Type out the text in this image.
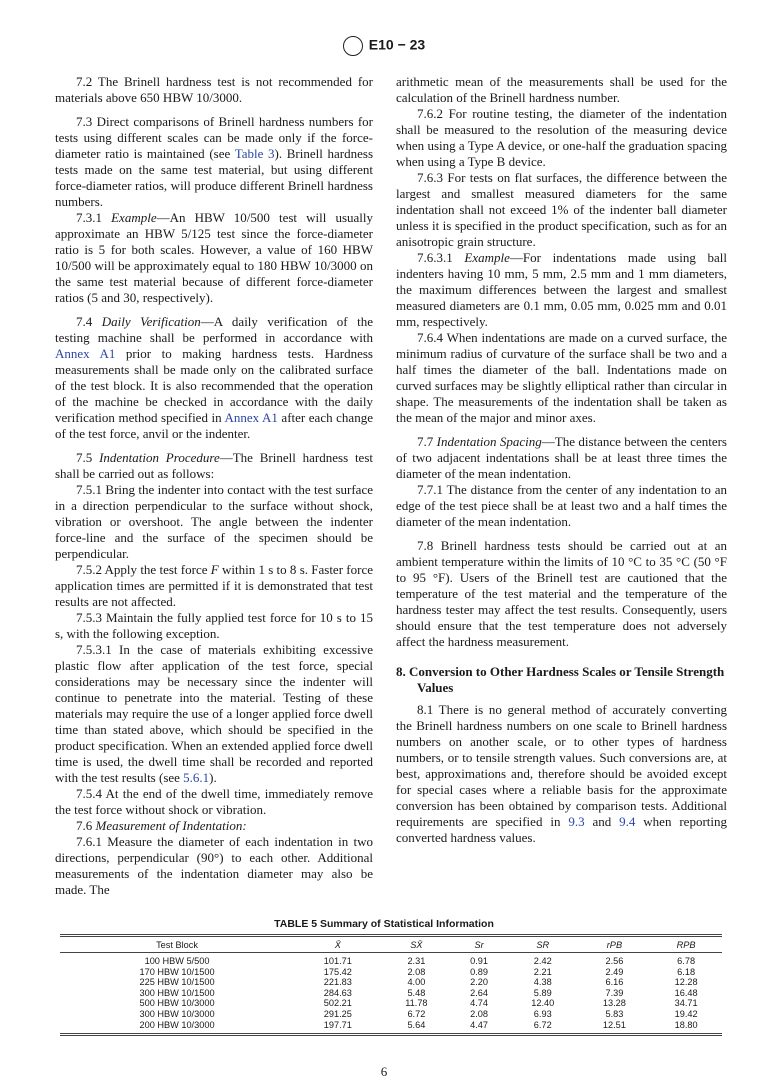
E10 − 23

7.2 The Brinell hardness test is not recommended for materials above 650 HBW 10/3000.

7.3 Direct comparisons of Brinell hardness numbers for tests using different scales can be made only if the force-diameter ratio is maintained (see Table 3). Brinell hardness tests made on the same test material, but using different force-diameter ratios, will produce different Brinell hardness numbers.

7.3.1 Example—An HBW 10/500 test will usually approximate an HBW 5/125 test since the force-diameter ratio is 5 for both scales. However, a value of 160 HBW 10/500 will be approximately equal to 180 HBW 10/3000 on the same test material because of different force-diameter ratios (5 and 30, respectively).

7.4 Daily Verification—A daily verification of the testing machine shall be performed in accordance with Annex A1 prior to making hardness tests. Hardness measurements shall be made only on the calibrated surface of the test block. It is also recommended that the operation of the machine be checked in accordance with the daily verification method specified in Annex A1 after each change of the test force, anvil or the indenter.

7.5 Indentation Procedure—The Brinell hardness test shall be carried out as follows:

7.5.1 Bring the indenter into contact with the test surface in a direction perpendicular to the surface without shock, vibration or overshoot. The angle between the indenter force-line and the surface of the specimen should be perpendicular.

7.5.2 Apply the test force F within 1 s to 8 s. Faster force application times are permitted if it is demonstrated that test results are not affected.

7.5.3 Maintain the fully applied test force for 10 s to 15 s, with the following exception.

7.5.3.1 In the case of materials exhibiting excessive plastic flow after application of the test force, special considerations may be necessary since the indenter will continue to penetrate into the material. Testing of these materials may require the use of a longer applied force dwell time than stated above, which should be specified in the product specification. When an extended applied force dwell time is used, the dwell time shall be recorded and reported with the test results (see 5.6.1).

7.5.4 At the end of the dwell time, immediately remove the test force without shock or vibration.

7.6 Measurement of Indentation:

7.6.1 Measure the diameter of each indentation in two directions, perpendicular (90°) to each other. Additional measurements of the indentation diameter may also be made. The

arithmetic mean of the measurements shall be used for the calculation of the Brinell hardness number.

7.6.2 For routine testing, the diameter of the indentation shall be measured to the resolution of the measuring device when using a Type A device, or one-half the graduation spacing when using a Type B device.

7.6.3 For tests on flat surfaces, the difference between the largest and smallest measured diameters for the same indentation shall not exceed 1% of the indenter ball diameter unless it is specified in the product specification, such as for an anisotropic grain structure.

7.6.3.1 Example—For indentations made using ball indenters having 10 mm, 5 mm, 2.5 mm and 1 mm diameters, the maximum differences between the largest and smallest measured diameters are 0.1 mm, 0.05 mm, 0.025 mm and 0.01 mm, respectively.

7.6.4 When indentations are made on a curved surface, the minimum radius of curvature of the surface shall be two and a half times the diameter of the ball. Indentations made on curved surfaces may be slightly elliptical rather than circular in shape. The measurements of the indentation shall be taken as the mean of the major and minor axes.

7.7 Indentation Spacing—The distance between the centers of two adjacent indentations shall be at least three times the diameter of the mean indentation.

7.7.1 The distance from the center of any indentation to an edge of the test piece shall be at least two and a half times the diameter of the mean indentation.

7.8 Brinell hardness tests should be carried out at an ambient temperature within the limits of 10 °C to 35 °C (50 °F to 95 °F). Users of the Brinell test are cautioned that the temperature of the test material and the temperature of the hardness tester may affect the test results. Consequently, users should ensure that the test temperature does not adversely affect the hardness measurement.

8. Conversion to Other Hardness Scales or Tensile Strength Values

8.1 There is no general method of accurately converting the Brinell hardness numbers on one scale to Brinell hardness numbers on another scale, or to other types of hardness numbers, or to tensile strength values. Such conversions are, at best, approximations and, therefore should be avoided except for special cases where a reliable basis for the approximate conversion has been obtained by comparison tests. Additional requirements are specified in 9.3 and 9.4 when reporting converted hardness values.

TABLE 5 Summary of Statistical Information
Test Block	X̄	SX̄	Sr	SR	rPB	RPB
100 HBW 5/500	101.71	2.31	0.91	2.42	2.56	6.78
170 HBW 10/1500	175.42	2.08	0.89	2.21	2.49	6.18
225 HBW 10/1500	221.83	4.00	2.20	4.38	6.16	12.28
300 HBW 10/1500	284.63	5.48	2.64	5.89	7.39	16.48
500 HBW 10/3000	502.21	11.78	4.74	12.40	13.28	34.71
300 HBW 10/3000	291.25	6.72	2.08	6.93	5.83	19.42
200 HBW 10/3000	197.71	5.64	4.47	6.72	12.51	18.80
6
